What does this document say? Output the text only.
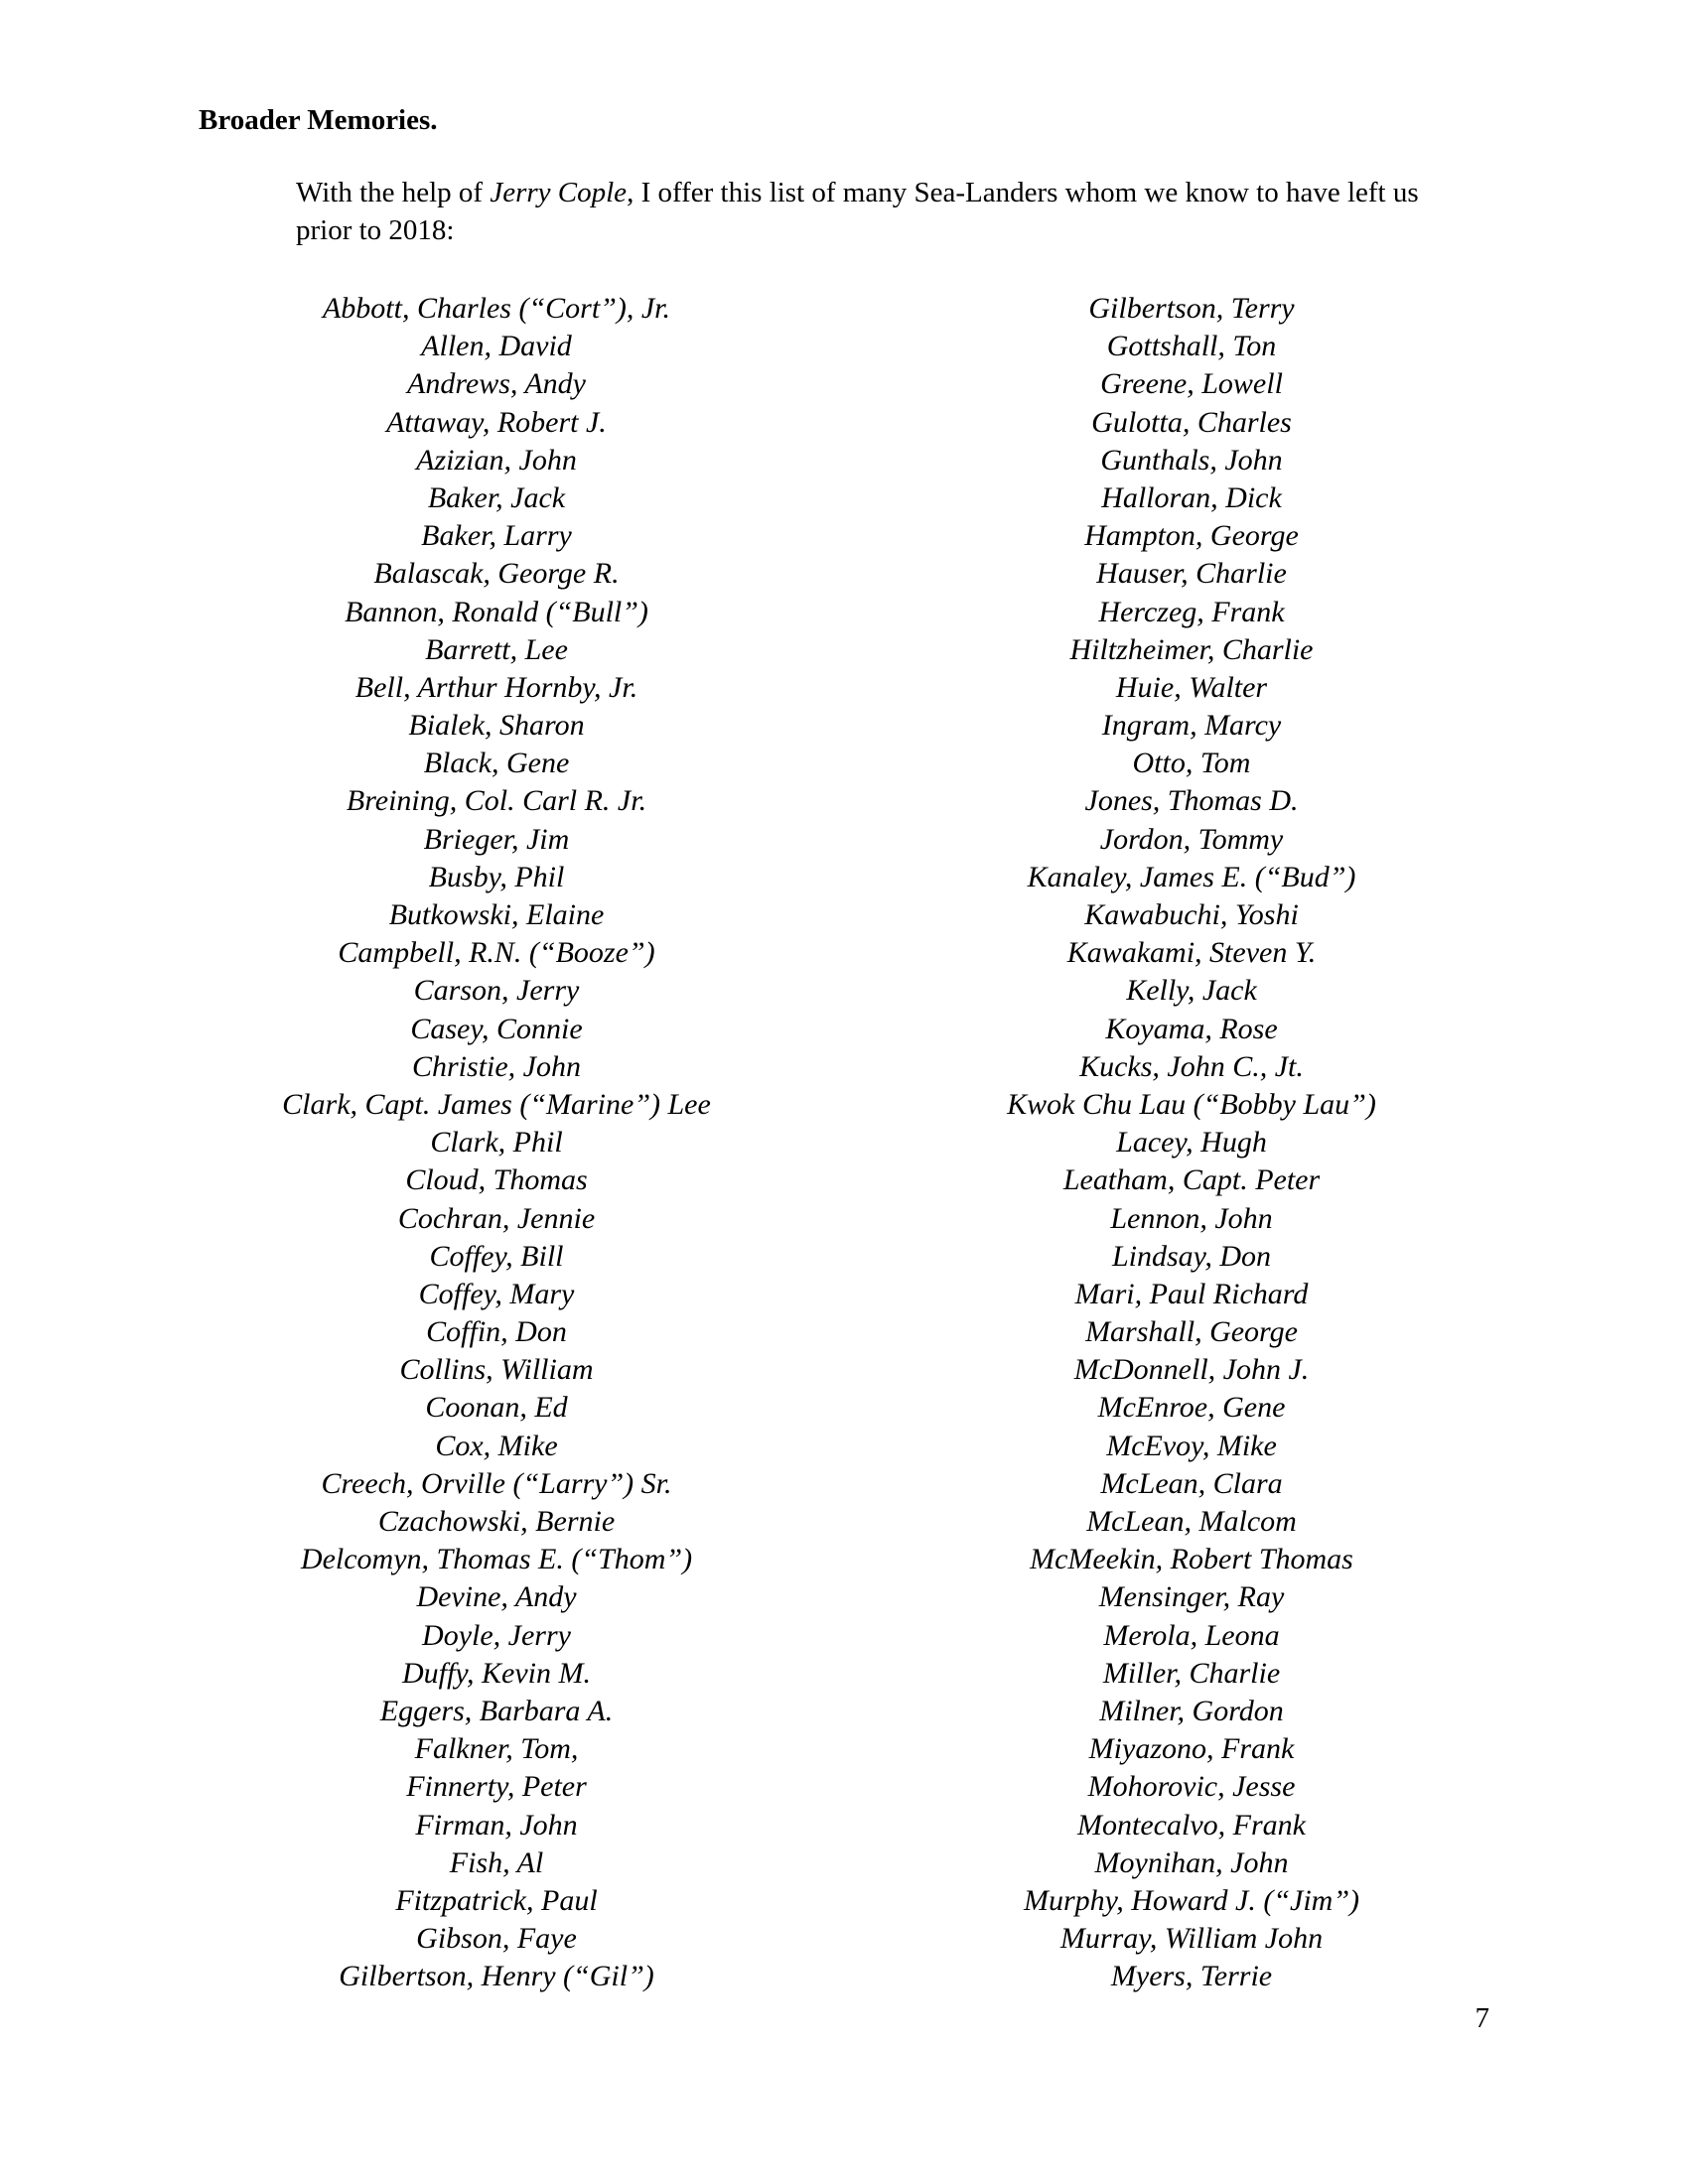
Broader Memories.

With the help of Jerry Cople, I offer this list of many Sea-Landers whom we know to have left us prior to 2018:

Abbott, Charles (“Cort”), Jr.
Allen, David
Andrews, Andy
Attaway, Robert J.
Azizian, John
Baker, Jack
Baker, Larry
Balascak, George R.
Bannon, Ronald (“Bull”)
Barrett, Lee
Bell, Arthur Hornby, Jr.
Bialek, Sharon
Black, Gene
Breining, Col. Carl R. Jr.
Brieger, Jim
Busby, Phil
Butkowski, Elaine
Campbell, R.N. (“Booze”)
Carson, Jerry
Casey, Connie
Christie, John
Clark, Capt. James (“Marine”) Lee
Clark, Phil
Cloud, Thomas
Cochran, Jennie
Coffey, Bill
Coffey, Mary
Coffin, Don
Collins, William
Coonan, Ed
Cox, Mike
Creech, Orville (“Larry”) Sr.
Czachowski, Bernie
Delcomyn, Thomas E. (“Thom”)
Devine, Andy
Doyle, Jerry
Duffy, Kevin M.
Eggers, Barbara A.
Falkner, Tom,
Finnerty, Peter
Firman, John
Fish, Al
Fitzpatrick, Paul
Gibson, Faye
Gilbertson, Henry (“Gil”)
Gilbertson, Terry
Gottshall, Ton
Greene, Lowell
Gulotta, Charles
Gunthals, John
Halloran, Dick
Hampton, George
Hauser, Charlie
Herczeg, Frank
Hiltzheimer, Charlie
Huie, Walter
Ingram, Marcy
Otto, Tom
Jones, Thomas D.
Jordon, Tommy
Kanaley, James E. (“Bud”)
Kawabuchi, Yoshi
Kawakami, Steven Y.
Kelly, Jack
Koyama, Rose
Kucks, John C., Jt.
Kwok Chu Lau (“Bobby Lau”)
Lacey, Hugh
Leatham, Capt. Peter
Lennon, John
Lindsay, Don
Mari, Paul Richard
Marshall, George
McDonnell, John J.
McEnroe, Gene
McEvoy, Mike
McLean, Clara
McLean, Malcom
McMeekin, Robert Thomas
Mensinger, Ray
Merola, Leona
Miller, Charlie
Milner, Gordon
Miyazono, Frank
Mohorovic, Jesse
Montecalvo, Frank
Moynihan, John
Murphy, Howard J. (“Jim”)
Murray, William John
Myers, Terrie
7
